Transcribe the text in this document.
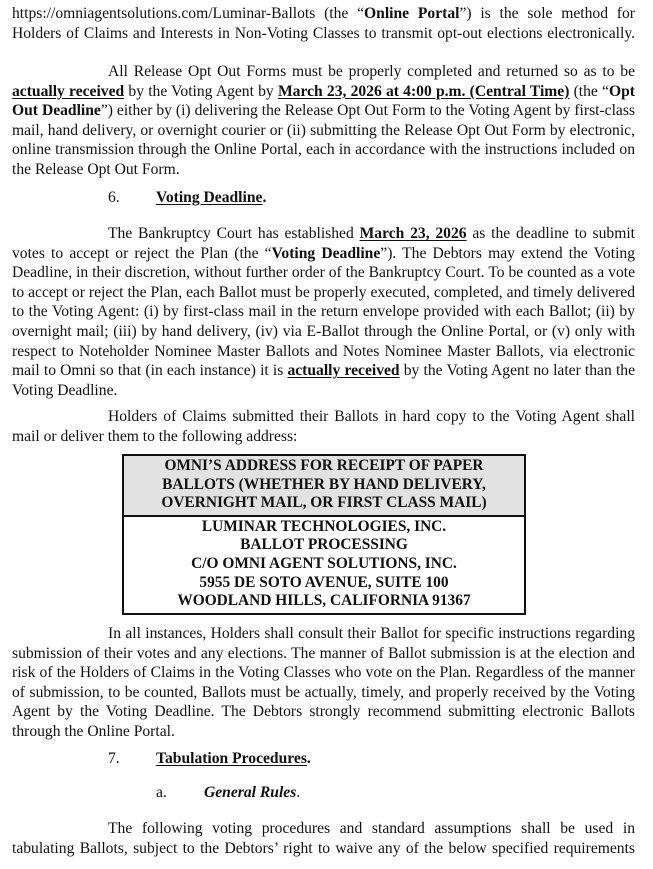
https://omniagentsolutions.com/Luminar-Ballots (the “Online Portal”) is the sole method for Holders of Claims and Interests in Non-Voting Classes to transmit opt-out elections electronically.

All Release Opt Out Forms must be properly completed and returned so as to be actually received by the Voting Agent by March 23, 2026 at 4:00 p.m. (Central Time) (the “Opt Out Deadline”) either by (i) delivering the Release Opt Out Form to the Voting Agent by first-class mail, hand delivery, or overnight courier or (ii) submitting the Release Opt Out Form by electronic, online transmission through the Online Portal, each in accordance with the instructions included on the Release Opt Out Form.

6. Voting Deadline.

The Bankruptcy Court has established March 23, 2026 as the deadline to submit votes to accept or reject the Plan (the “Voting Deadline”). The Debtors may extend the Voting Deadline, in their discretion, without further order of the Bankruptcy Court. To be counted as a vote to accept or reject the Plan, each Ballot must be properly executed, completed, and timely delivered to the Voting Agent: (i) by first-class mail in the return envelope provided with each Ballot; (ii) by overnight mail; (iii) by hand delivery, (iv) via E-Ballot through the Online Portal, or (v) only with respect to Noteholder Nominee Master Ballots and Notes Nominee Master Ballots, via electronic mail to Omni so that (in each instance) it is actually received by the Voting Agent no later than the Voting Deadline.

Holders of Claims submitted their Ballots in hard copy to the Voting Agent shall mail or deliver them to the following address:

OMNI’S ADDRESS FOR RECEIPT OF PAPER
BALLOTS (WHETHER BY HAND DELIVERY,
OVERNIGHT MAIL, OR FIRST CLASS MAIL)
LUMINAR TECHNOLOGIES, INC.
BALLOT PROCESSING
C/O OMNI AGENT SOLUTIONS, INC.
5955 DE SOTO AVENUE, SUITE 100
WOODLAND HILLS, CALIFORNIA 91367

In all instances, Holders shall consult their Ballot for specific instructions regarding submission of their votes and any elections. The manner of Ballot submission is at the election and risk of the Holders of Claims in the Voting Classes who vote on the Plan. Regardless of the manner of submission, to be counted, Ballots must be actually, timely, and properly received by the Voting Agent by the Voting Deadline. The Debtors strongly recommend submitting electronic Ballots through the Online Portal.

7. Tabulation Procedures.
a. General Rules.

The following voting procedures and standard assumptions shall be used in tabulating Ballots, subject to the Debtors’ right to waive any of the below specified requirements
